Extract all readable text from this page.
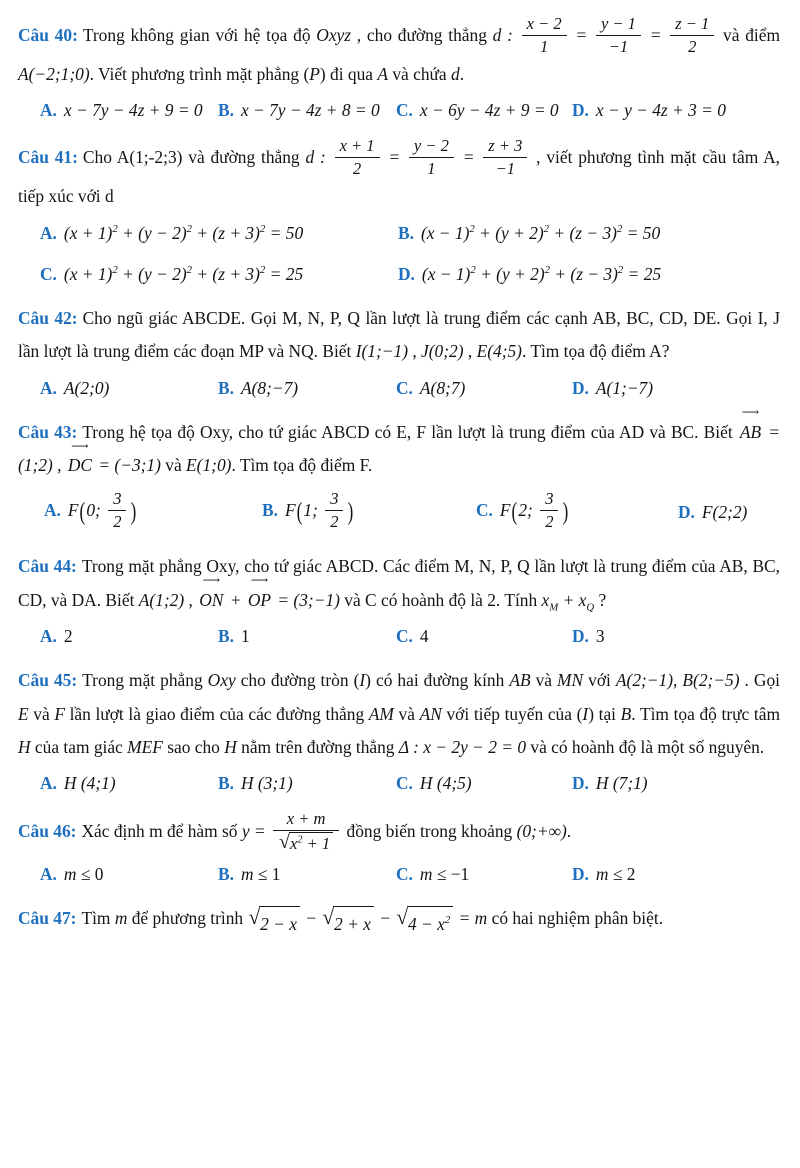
Câu 40: Trong không gian với hệ tọa độ Oxyz , cho đường thẳng d : $\frac{x - 2}{1} = \frac{y - 1}{-1} = \frac{z - 1}{2}$ và điểm A(−2;1;0). Viết phương trình mặt phẳng (P) đi qua A và chứa d.

A. x − 7y − 4z + 9 = 0 B. x − 7y − 4z + 8 = 0 C. x − 6y − 4z + 9 = 0 D. x − y − 4z + 3 = 0

Câu 41: Cho A(1;-2;3) và đường thẳng d : $\frac{x + 1}{2} = \frac{y - 2}{1} = \frac{z + 3}{-1}$ , viết phương tình mặt cầu tâm A, tiếp xúc với d

A. $(x + 1)^2 + (y - 2)^2 + (z + 3)^2 = 50$	B. $(x - 1)^2 + (y + 2)^2 + (z - 3)^2 = 50$
C. $(x + 1)^2 + (y - 2)^2 + (z + 3)^2 = 25$	D. $(x - 1)^2 + (y + 2)^2 + (z - 3)^2 = 25$

Câu 42: Cho ngũ giác ABCDE. Gọi M, N, P, Q lần lượt là trung điểm các cạnh AB, BC, CD, DE. Gọi I, J lần lượt là trung điểm các đoạn MP và NQ. Biết I(1;−1) , J(0;2) , E(4;5). Tìm tọa độ điểm A?

A. A(2;0)	B. A(8;−7)	C. A(8;7)	D. A(1;−7)

Câu 43: Trong hệ tọa độ Oxy, cho tứ giác ABCD có E, F lần lượt là trung điểm của AD và BC. Biết
⟶
AB = (1;2) ,
⟶
DC = (−3;1) và E(1;0). Tìm tọa độ điểm F.

A. F(0; $\frac{3}{2}$ )	B. F(1; $\frac{3}{2}$ )	C. F(2; $\frac{3}{2}$ )	D. F(2;2)

Câu 44: Trong mặt phẳng Oxy, cho tứ giác ABCD. Các điểm M, N, P, Q lần lượt là trung điểm của AB, BC, CD, và DA. Biết A(1;2) ,
⟶
ON +
⟶
OP = (3;−1) và C có hoành độ là 2. Tính $x_M + x_Q$ ?

A. 2	B. 1	C. 4	D. 3

Câu 45: Trong mặt phẳng Oxy cho đường tròn (I) có hai đường kính AB và MN với A(2;−1), B(2;−5) . Gọi E và F lần lượt là giao điểm của các đường thẳng AM và AN với tiếp tuyến của (I) tại B. Tìm tọa độ trực tâm H của tam giác MEF sao cho H nằm trên đường thẳng Δ : x − 2y − 2 = 0 và có hoành độ là một số nguyên.

A. H (4;1)	B. H (3;1)	C. H (4;5)	D. H (7;1)

Câu 46: Xác định m để hàm số $y = \frac{x + m}{√ x^2 + 1}$ đồng biến trong khoảng (0;+∞).

A. m ≤ 0	B. m ≤ 1	C. m ≤ −1	D. m ≤ 2

Câu 47: Tìm m để phương trình √ 2 − x − √ 2 + x − √ $4 - x^2 = m$ có hai nghiệm phân biệt.
